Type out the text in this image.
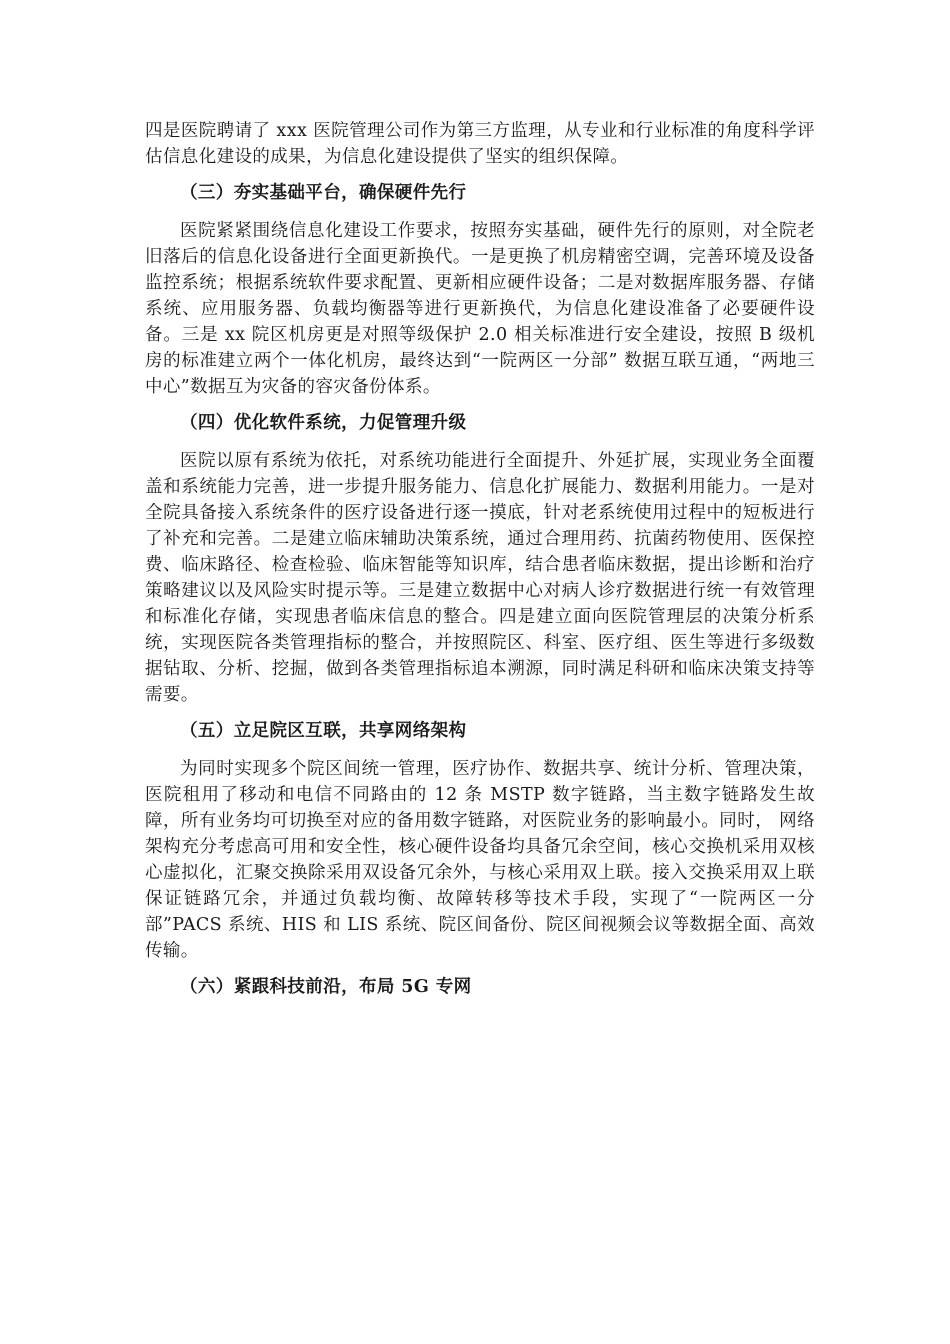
四是医院聘请了 xxx 医院管理公司作为第三方监理，从专业和行业标准的角度科学评估信息化建设的成果，为信息化建设提供了坚实的组织保障。

（三）夯实基础平台，确保硬件先行

医院紧紧围绕信息化建设工作要求，按照夯实基础，硬件先行的原则，对全院老旧落后的信息化设备进行全面更新换代。一是更换了机房精密空调，完善环境及设备监控系统；根据系统软件要求配置、更新相应硬件设备；二是对数据库服务器、存储系统、应用服务器、负载均衡器等进行更新换代，为信息化建设准备了必要硬件设备。三是 xx 院区机房更是对照等级保护 2.0 相关标准进行安全建设，按照 B 级机房的标准建立两个一体化机房，最终达到“一院两区一分部” 数据互联互通，“两地三中心”数据互为灾备的容灾备份体系。

（四）优化软件系统，力促管理升级

医院以原有系统为依托，对系统功能进行全面提升、外延扩展，实现业务全面覆盖和系统能力完善，进一步提升服务能力、信息化扩展能力、数据利用能力。一是对全院具备接入系统条件的医疗设备进行逐一摸底，针对老系统使用过程中的短板进行了补充和完善。二是建立临床辅助决策系统，通过合理用药、抗菌药物使用、医保控费、临床路径、检查检验、临床智能等知识库，结合患者临床数据，提出诊断和治疗策略建议以及风险实时提示等。三是建立数据中心对病人诊疗数据进行统一有效管理和标准化存储，实现患者临床信息的整合。四是建立面向医院管理层的决策分析系统，实现医院各类管理指标的整合，并按照院区、科室、医疗组、医生等进行多级数据钻取、分析、挖掘，做到各类管理指标追本溯源，同时满足科研和临床决策支持等需要。

（五）立足院区互联，共享网络架构

为同时实现多个院区间统一管理，医疗协作、数据共享、统计分析、管理决策，医院租用了移动和电信不同路由的 12 条 MSTP 数字链路，当主数字链路发生故障，所有业务均可切换至对应的备用数字链路，对医院业务的影响最小。同时， 网络架构充分考虑高可用和安全性，核心硬件设备均具备冗余空间，核心交换机采用双核心虚拟化，汇聚交换除采用双设备冗余外，与核心采用双上联。接入交换采用双上联保证链路冗余，并通过负载均衡、故障转移等技术手段，实现了“一院两区一分部”PACS 系统、HIS 和 LIS 系统、院区间备份、院区间视频会议等数据全面、高效传输。

（六）紧跟科技前沿，布局 5G 专网
